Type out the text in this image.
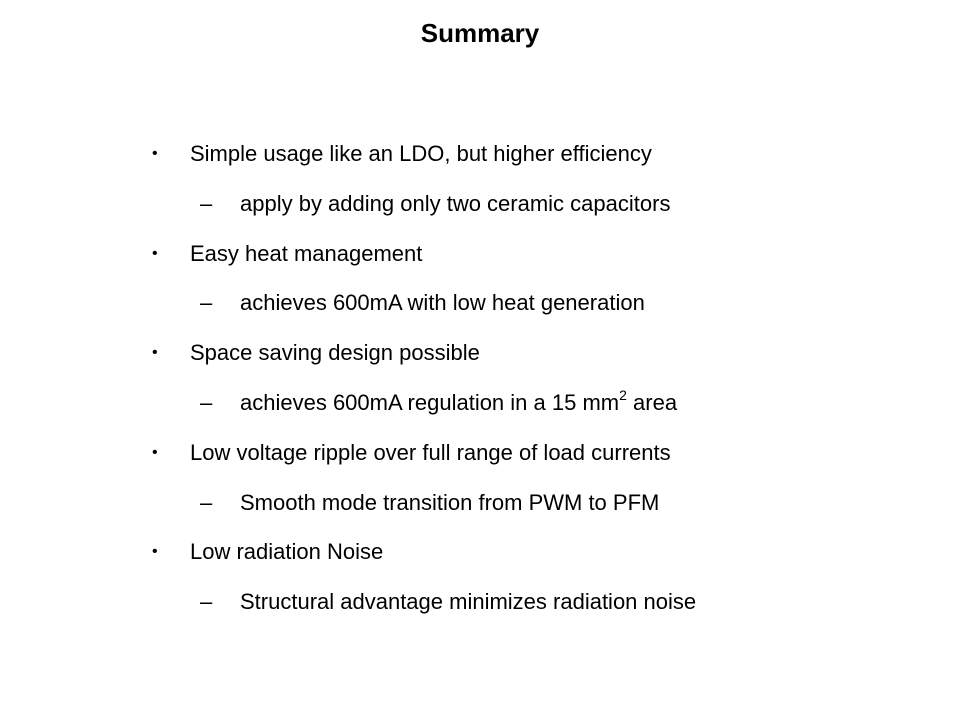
Summary
• Simple usage like an LDO, but higher efficiency
– apply by adding only two ceramic capacitors
• Easy heat management
– achieves 600mA with low heat generation
• Space saving design possible
– achieves 600mA regulation in a 15 $mm^2$ area
• Low voltage ripple over full range of load currents
– Smooth mode transition from PWM to PFM
• Low radiation Noise
– Structural advantage minimizes radiation noise
